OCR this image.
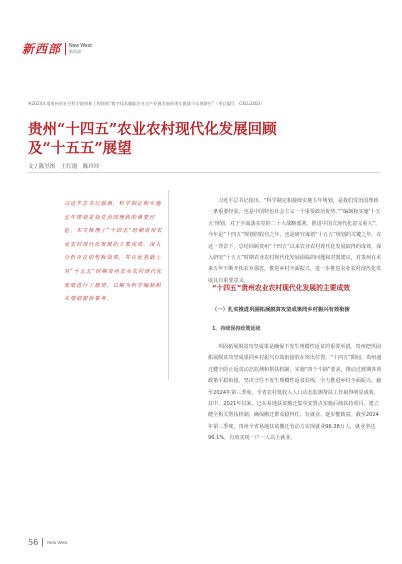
新西部 New West
新西部
※2024年度贵州省社会科学院创新工程资助“数字技术赋能农业全产业链发展的现实挑战与实现路径”（项目编号：CXLL2403）
贵州“十四五”农业农村现代化发展回顾
及“十五五”展望
文 / 陈昱彤　王红霞　陈玲玲

习近平总书记强调，科学制定和实施五年规划是我党治国理政的重要经验。本文梳理了“十四五”时期贵州农业农村现代化发展的主要成效，深入分析存在的短板弱项，并在此基础上对“十五五”时期贵州农业农村现代化发展进行了展望，以期为科学编制相关规划提供参考。

习近平总书记指出，“科学制定和接续实施五年规划，是我们党治国理政一条重要经验，也是中国特色社会主义一个重要政治优势。”“编制和实施‘十五五’规划，对于全面落实党的二十大战略部署、推进中国式现代化意义重大”。今年是“十四五”规划的收官之年，也是研究谋划“十五五”规划的关键之年。在这一背景下，总结回顾贵州“十四五”以来农业农村现代化发展取得的成效，深入研究“十五五”时期农业农村现代化发展面临的问题和对策建议，对贵州在未来五年不断开拓农业强省，推进乡村全面振兴，进一步推进农业农村现代化发展具有重要意义。

“十四五”贵州农业农村现代化发展的主要成效
（一）扎实推进巩固拓展脱贫攻坚成果同乡村振兴有效衔接
1．持续保持政策延续

巩固拓展脱贫攻坚成果是确保不发生规模性返贫的重要举措。贵州把巩固拓展脱贫攻坚成果同乡村振兴有效衔接放在突出位置，“十四五”期间，贵州通过健全防止返贫动态监测和帮扶机制，实施“四个不摘”要求，推动过渡期各项政策平稳衔接，坚决守住不发生规模性返贫底线，全力推进乡村全面振兴。截至2024年第三季度，全省农村低收入人口动态监测帮扶工作取得明显成效，其中，2021年以来，已在易地扶贫搬迁集中安置点实施后续扶持项目，建立健全相关帮扶机制，确保搬迁群众稳得住、有就业、逐步能致富。截至2024年第三季度，贵州全省易地扶贫搬迁劳动力实现就业96.38万人，就业率达96.1%，有效实现一户一人以上就业。

56 New West
